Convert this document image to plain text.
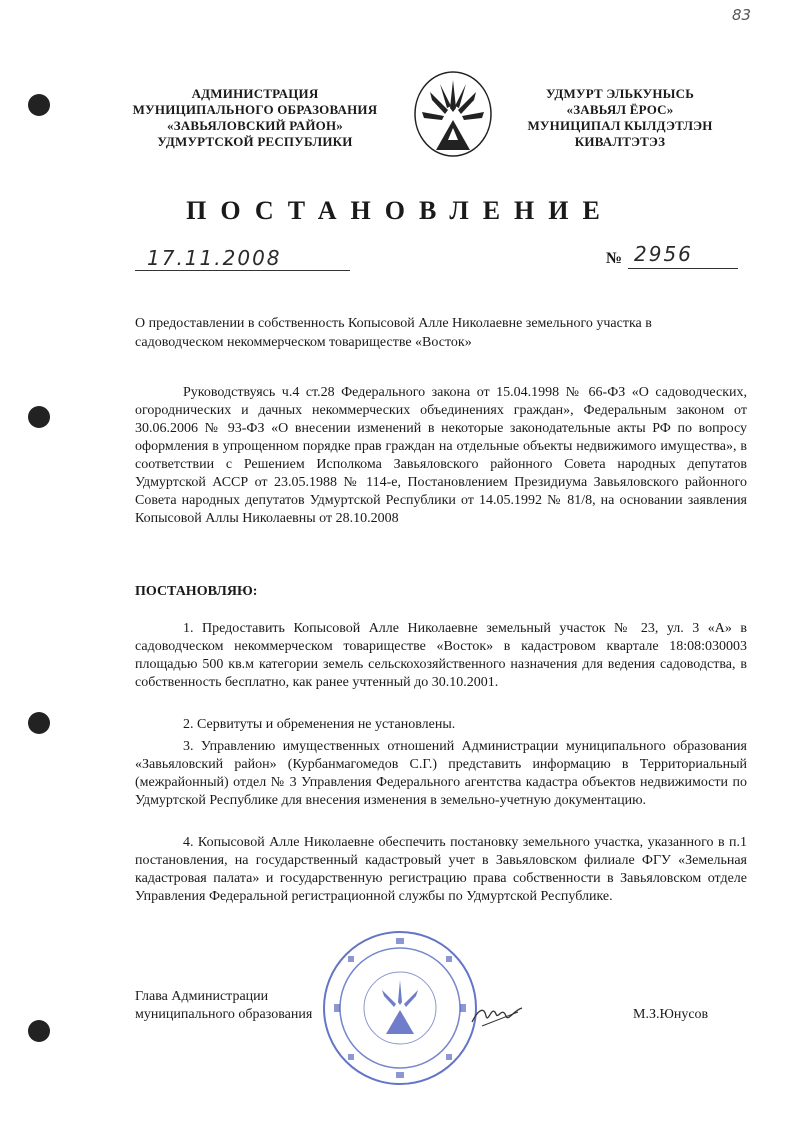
83
АДМИНИСТРАЦИЯ
МУНИЦИПАЛЬНОГО ОБРАЗОВАНИЯ
«ЗАВЬЯЛОВСКИЙ РАЙОН»
УДМУРТСКОЙ РЕСПУБЛИКИ
УДМУРТ ЭЛЬКУНЫСЬ
«ЗАВЬЯЛ ЁРОС»
МУНИЦИПАЛ КЫЛДЭТЛЭН
КИВАЛТЭТЭЗ
ПОСТАНОВЛЕНИЕ
17.11.2008	№ 2956
О предоставлении в собственность Копысовой Алле Николаевне земельного участка в садоводческом некоммерческом товариществе «Восток»
Руководствуясь ч.4 ст.28 Федерального закона от 15.04.1998 № 66-ФЗ «О садоводческих, огороднических и дачных некоммерческих объединениях граждан», Федеральным законом от 30.06.2006 № 93-ФЗ «О внесении изменений в некоторые законодательные акты РФ по вопросу оформления в упрощенном порядке прав граждан на отдельные объекты недвижимого имущества», в соответствии с Решением Исполкома Завьяловского районного Совета народных депутатов Удмуртской АССР от 23.05.1988 № 114-е, Постановлением Президиума Завьяловского районного Совета народных депутатов Удмуртской Республики от 14.05.1992 № 81/8, на основании заявления Копысовой Аллы Николаевны от 28.10.2008
ПОСТАНОВЛЯЮ:
1. Предоставить Копысовой Алле Николаевне земельный участок № 23, ул. 3 «А» в садоводческом некоммерческом товариществе «Восток» в кадастровом квартале 18:08:030003 площадью 500 кв.м категории земель сельскохозяйственного назначения для ведения садоводства, в собственность бесплатно, как ранее учтенный до 30.10.2001.
2. Сервитуты и обременения не установлены.
3. Управлению имущественных отношений Администрации муниципального образования «Завьяловский район» (Курбанмагомедов С.Г.) представить информацию в Территориальный (межрайонный) отдел № 3 Управления Федерального агентства кадастра объектов недвижимости по Удмуртской Республике для внесения изменения в земельно-учетную документацию.
4. Копысовой Алле Николаевне обеспечить постановку земельного участка, указанного в п.1 постановления, на государственный кадастровый учет в Завьяловском филиале ФГУ «Земельная кадастровая палата» и государственную регистрацию права собственности в Завьяловском отделе Управления Федеральной регистрационной службы по Удмуртской Республике.
Глава Администрации
муниципального образования	М.З.Юнусов
